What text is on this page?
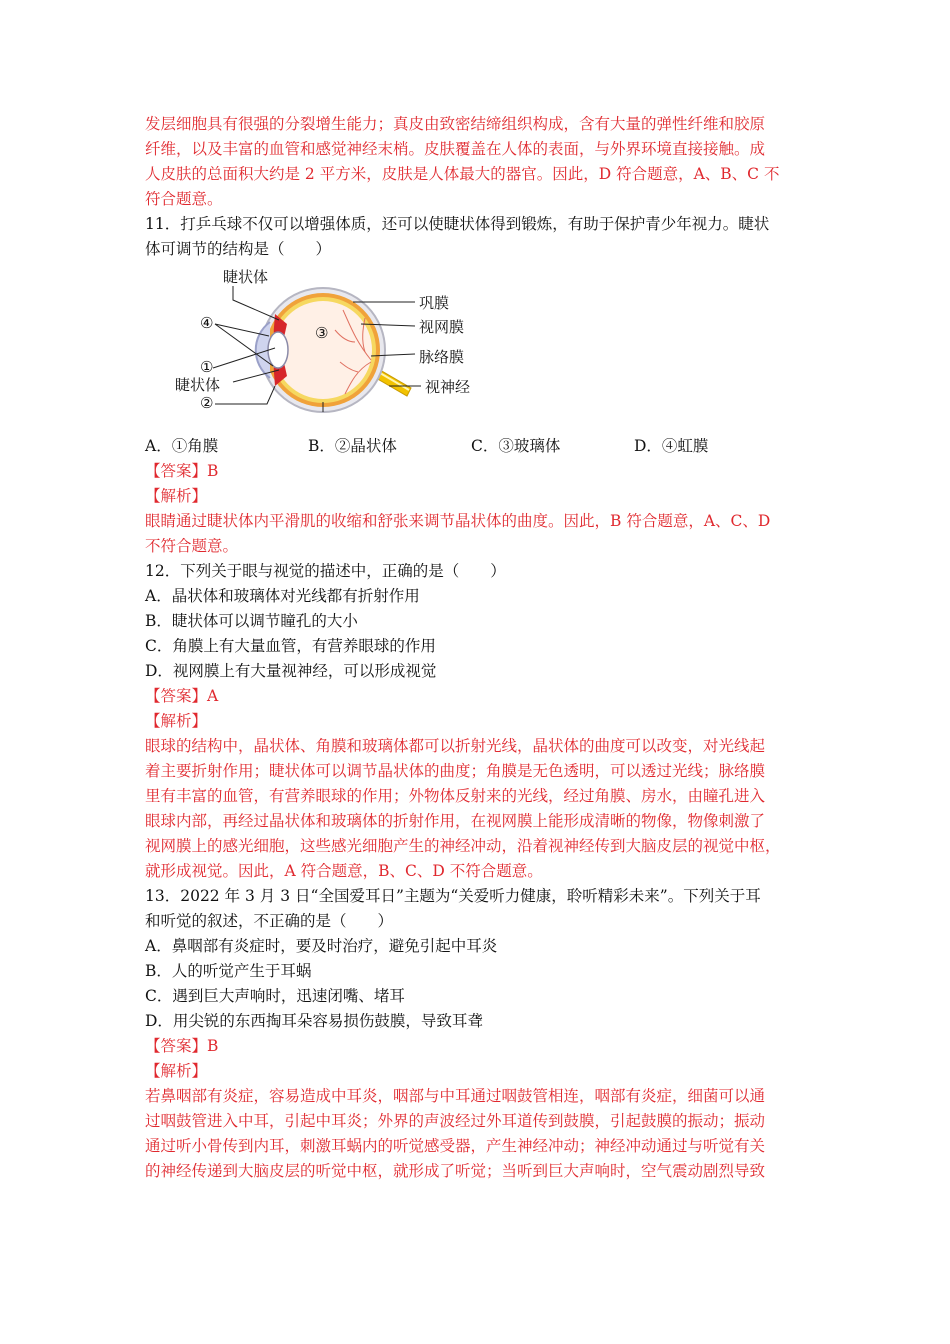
发层细胞具有很强的分裂增生能力；真皮由致密结缔组织构成，含有大量的弹性纤维和胶原
纤维，以及丰富的血管和感觉神经末梢。皮肤覆盖在人体的表面，与外界环境直接接触。成
人皮肤的总面积大约是 2 平方米，皮肤是人体最大的器官。因此，D 符合题意，A、B、C 不
符合题意。
11．打乒乓球不仅可以增强体质，还可以使睫状体得到锻炼，有助于保护青少年视力。睫状
体可调节的结构是（　　）
睫状体
④
③
①
睫状体
②
巩膜
视网膜
脉络膜
视神经
A．①角膜	B．②晶状体	C．③玻璃体	D．④虹膜
【答案】B
【解析】
眼睛通过睫状体内平滑肌的收缩和舒张来调节晶状体的曲度。因此，B 符合题意，A、C、D
不符合题意。
12．下列关于眼与视觉的描述中，正确的是（　　）
A．晶状体和玻璃体对光线都有折射作用
B．睫状体可以调节瞳孔的大小
C．角膜上有大量血管，有营养眼球的作用
D．视网膜上有大量视神经，可以形成视觉
【答案】A
【解析】
眼球的结构中，晶状体、角膜和玻璃体都可以折射光线，晶状体的曲度可以改变，对光线起
着主要折射作用；睫状体可以调节晶状体的曲度；角膜是无色透明，可以透过光线；脉络膜
里有丰富的血管，有营养眼球的作用；外物体反射来的光线，经过角膜、房水，由瞳孔进入
眼球内部，再经过晶状体和玻璃体的折射作用，在视网膜上能形成清晰的物像，物像刺激了
视网膜上的感光细胞，这些感光细胞产生的神经冲动，沿着视神经传到大脑皮层的视觉中枢，
就形成视觉。因此，A 符合题意，B、C、D 不符合题意。
13．2022 年 3 月 3 日“全国爱耳日”主题为“关爱听力健康，聆听精彩未来”。下列关于耳
和听觉的叙述，不正确的是（　　）
A．鼻咽部有炎症时，要及时治疗，避免引起中耳炎
B．人的听觉产生于耳蜗
C．遇到巨大声响时，迅速闭嘴、堵耳
D．用尖锐的东西掏耳朵容易损伤鼓膜，导致耳聋
【答案】B
【解析】
若鼻咽部有炎症，容易造成中耳炎，咽部与中耳通过咽鼓管相连，咽部有炎症，细菌可以通
过咽鼓管进入中耳，引起中耳炎；外界的声波经过外耳道传到鼓膜，引起鼓膜的振动；振动
通过听小骨传到内耳，刺激耳蜗内的听觉感受器，产生神经冲动；神经冲动通过与听觉有关
的神经传递到大脑皮层的听觉中枢，就形成了听觉；当听到巨大声响时，空气震动剧烈导致
